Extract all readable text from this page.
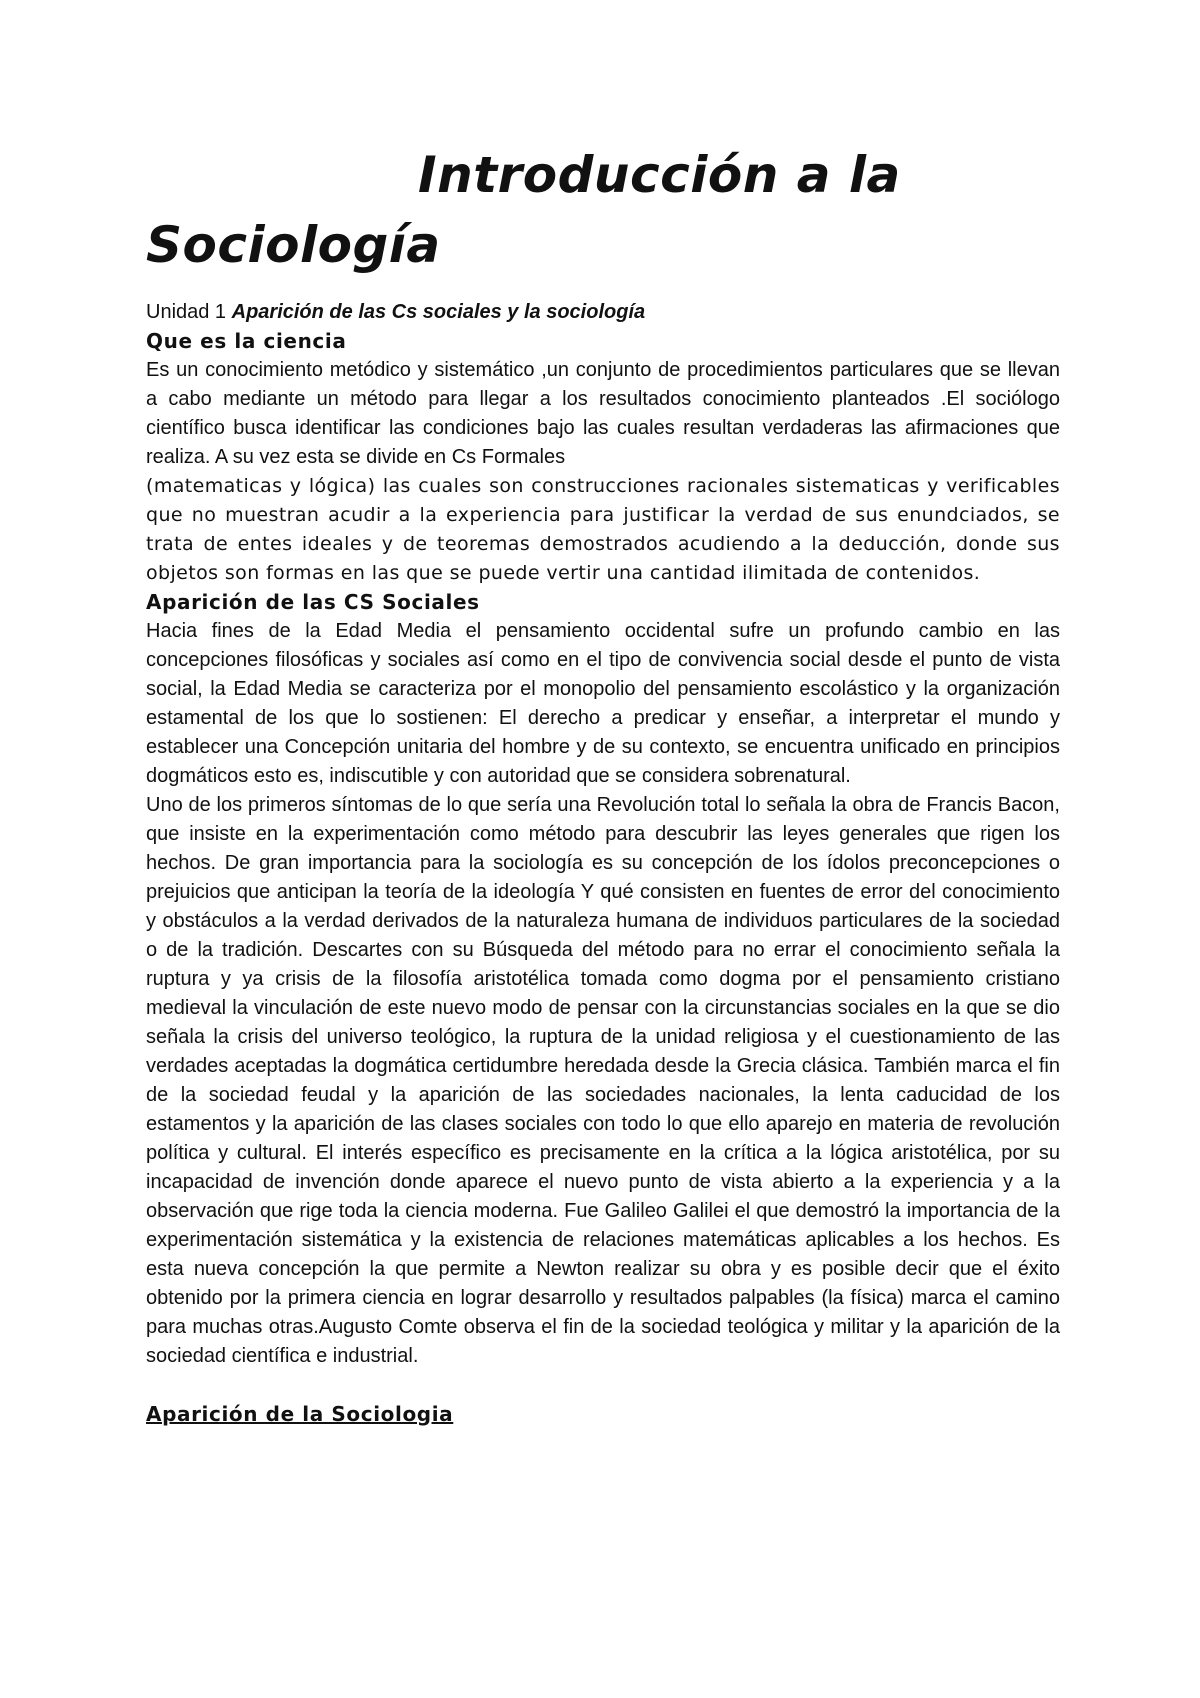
Introducción a la
Sociología

Unidad 1 Aparición de las Cs sociales y la sociología

Que es la ciencia

Es un conocimiento metódico y sistemático ,un conjunto de procedimientos particulares que se llevan a cabo mediante un método para llegar a los resultados conocimiento planteados .El sociólogo científico busca identificar las condiciones bajo las cuales resultan verdaderas las afirmaciones que realiza. A su vez esta se divide en Cs Formales

(matematicas y lógica) las cuales son construcciones racionales sistematicas y verificables que no muestran acudir a la experiencia para justificar la verdad de sus enundciados, se trata de entes ideales y de teoremas demostrados acudiendo a la deducción, donde sus objetos son formas en las que se puede vertir una cantidad ilimitada de contenidos.

Aparición de las CS Sociales

Hacia fines de la Edad Media el pensamiento occidental sufre un profundo cambio en las concepciones filosóficas y sociales así como en el tipo de convivencia social desde el punto de vista social, la Edad Media se caracteriza por el monopolio del pensamiento escolástico y la organización estamental de los que lo sostienen: El derecho a predicar y enseñar, a interpretar el mundo y establecer una Concepción unitaria del hombre y de su contexto, se encuentra unificado en principios dogmáticos esto es, indiscutible y con autoridad que se considera sobrenatural.

Uno de los primeros síntomas de lo que sería una Revolución total lo señala la obra de Francis Bacon, que insiste en la experimentación como método para descubrir las leyes generales que rigen los hechos. De gran importancia para la sociología es su concepción de los ídolos preconcepciones o prejuicios que anticipan la teoría de la ideología Y qué consisten en fuentes de error del conocimiento y obstáculos a la verdad derivados de la naturaleza humana de individuos particulares de la sociedad o de la tradición. Descartes con su Búsqueda del método para no errar el conocimiento señala la ruptura y ya crisis de la filosofía aristotélica tomada como dogma por el pensamiento cristiano medieval la vinculación de este nuevo modo de pensar con la circunstancias sociales en la que se dio señala la crisis del universo teológico, la ruptura de la unidad religiosa y el cuestionamiento de las verdades aceptadas la dogmática certidumbre heredada desde la Grecia clásica. También marca el fin de la sociedad feudal y la aparición de las sociedades nacionales, la lenta caducidad de los estamentos y la aparición de las clases sociales con todo lo que ello aparejo en materia de revolución política y cultural. El interés específico es precisamente en la crítica a la lógica aristotélica, por su incapacidad de invención donde aparece el nuevo punto de vista abierto a la experiencia y a la observación que rige toda la ciencia moderna. Fue Galileo Galilei el que demostró la importancia de la experimentación sistemática y la existencia de relaciones matemáticas aplicables a los hechos. Es esta nueva concepción la que permite a Newton realizar su obra y es posible decir que el éxito obtenido por la primera ciencia en lograr desarrollo y resultados palpables (la física) marca el camino para muchas otras.Augusto Comte observa el fin de la sociedad teológica y militar y la aparición de la sociedad científica e industrial.

Aparición de la Sociologia
